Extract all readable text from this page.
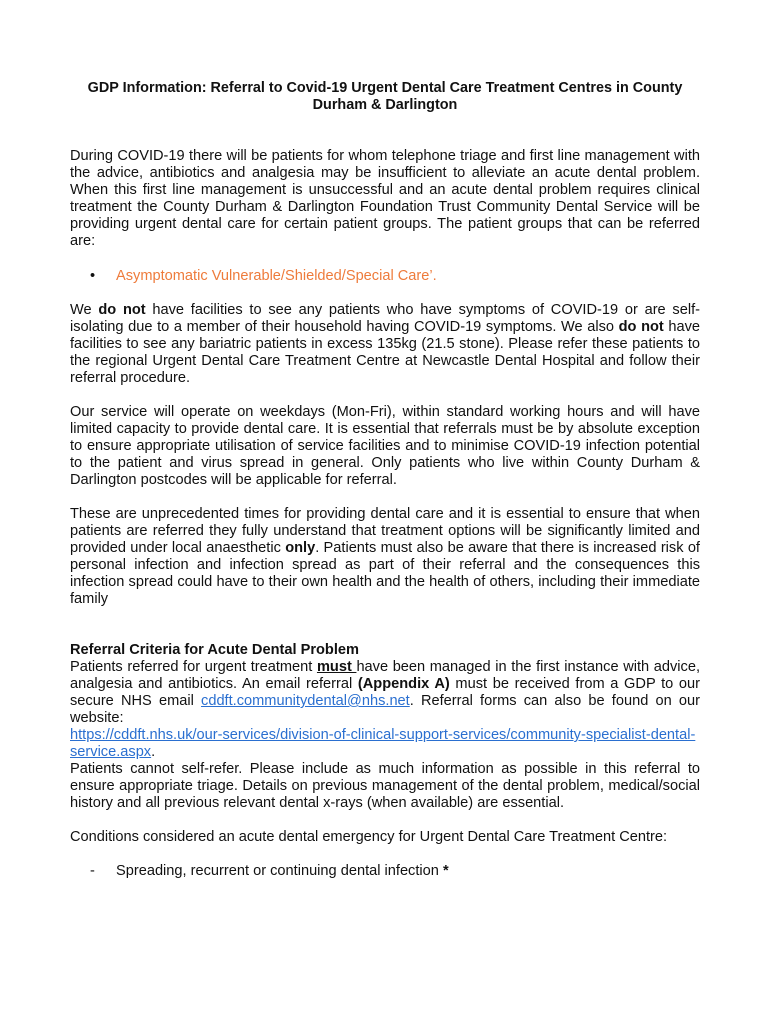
GDP Information: Referral to Covid-19 Urgent Dental Care Treatment Centres in County Durham & Darlington

During COVID-19 there will be patients for whom telephone triage and first line management with the advice, antibiotics and analgesia may be insufficient to alleviate an acute dental problem. When this first line management is unsuccessful and an acute dental problem requires clinical treatment the County Durham & Darlington Foundation Trust Community Dental Service will be providing urgent dental care for certain patient groups. The patient groups that can be referred are:

•	Asymptomatic Vulnerable/Shielded/Special Care’.

We do not have facilities to see any patients who have symptoms of COVID-19 or are self-isolating due to a member of their household having COVID-19 symptoms. We also do not have facilities to see any bariatric patients in excess 135kg (21.5 stone). Please refer these patients to the regional Urgent Dental Care Treatment Centre at Newcastle Dental Hospital and follow their referral procedure.

Our service will operate on weekdays (Mon-Fri), within standard working hours and will have limited capacity to provide dental care. It is essential that referrals must be by absolute exception to ensure appropriate utilisation of service facilities and to minimise COVID-19 infection potential to the patient and virus spread in general. Only patients who live within County Durham & Darlington postcodes will be applicable for referral.

These are unprecedented times for providing dental care and it is essential to ensure that when patients are referred they fully understand that treatment options will be significantly limited and provided under local anaesthetic only. Patients must also be aware that there is increased risk of personal infection and infection spread as part of their referral and the consequences this infection spread could have to their own health and the health of others, including their immediate family

Referral Criteria for Acute Dental Problem

Patients referred for urgent treatment must have been managed in the first instance with advice, analgesia and antibiotics. An email referral (Appendix A) must be received from a GDP to our secure NHS email cddft.communitydental@nhs.net. Referral forms can also be found on our website:
https://cddft.nhs.uk/our-services/division-of-clinical-support-services/community-specialist-dental-service.aspx.

Patients cannot self-refer. Please include as much information as possible in this referral to ensure appropriate triage. Details on previous management of the dental problem, medical/social history and all previous relevant dental x-rays (when available) are essential.

Conditions considered an acute dental emergency for Urgent Dental Care Treatment Centre:

-	Spreading, recurrent or continuing dental infection *
